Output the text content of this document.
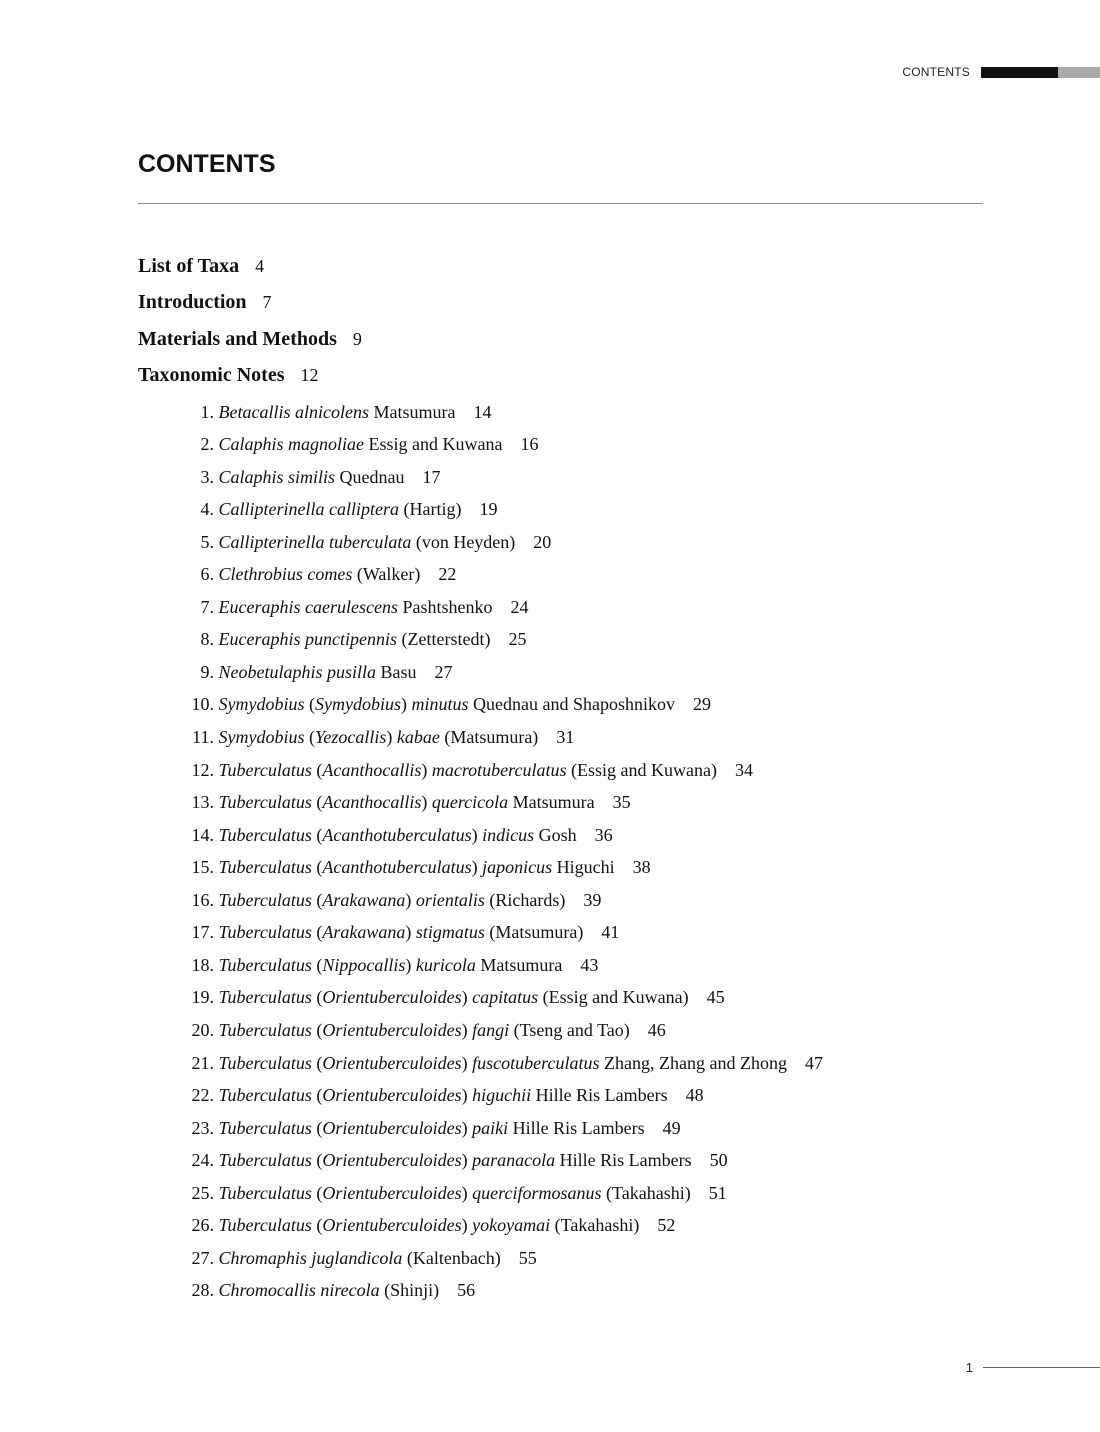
CONTENTS
CONTENTS
List of Taxa 4
Introduction 7
Materials and Methods 9
Taxonomic Notes 12
1. Betacallis alnicolens Matsumura 14
2. Calaphis magnoliae Essig and Kuwana 16
3. Calaphis similis Quednau 17
4. Callipterinella calliptera (Hartig) 19
5. Callipterinella tuberculata (von Heyden) 20
6. Clethrobius comes (Walker) 22
7. Euceraphis caerulescens Pashtshenko 24
8. Euceraphis punctipennis (Zetterstedt) 25
9. Neobetulaphis pusilla Basu 27
10. Symydobius (Symydobius) minutus Quednau and Shaposhnikov 29
11. Symydobius (Yezocallis) kabae (Matsumura) 31
12. Tuberculatus (Acanthocallis) macrotuberculatus (Essig and Kuwana) 34
13. Tuberculatus (Acanthocallis) quercicola Matsumura 35
14. Tuberculatus (Acanthotuberculatus) indicus Gosh 36
15. Tuberculatus (Acanthotuberculatus) japonicus Higuchi 38
16. Tuberculatus (Arakawana) orientalis (Richards) 39
17. Tuberculatus (Arakawana) stigmatus (Matsumura) 41
18. Tuberculatus (Nippocallis) kuricola Matsumura 43
19. Tuberculatus (Orientuberculoides) capitatus (Essig and Kuwana) 45
20. Tuberculatus (Orientuberculoides) fangi (Tseng and Tao) 46
21. Tuberculatus (Orientuberculoides) fuscotuberculatus Zhang, Zhang and Zhong 47
22. Tuberculatus (Orientuberculoides) higuchii Hille Ris Lambers 48
23. Tuberculatus (Orientuberculoides) paiki Hille Ris Lambers 49
24. Tuberculatus (Orientuberculoides) paranacola Hille Ris Lambers 50
25. Tuberculatus (Orientuberculoides) querciformosanus (Takahashi) 51
26. Tuberculatus (Orientuberculoides) yokoyamai (Takahashi) 52
27. Chromaphis juglandicola (Kaltenbach) 55
28. Chromocallis nirecola (Shinji) 56
1
